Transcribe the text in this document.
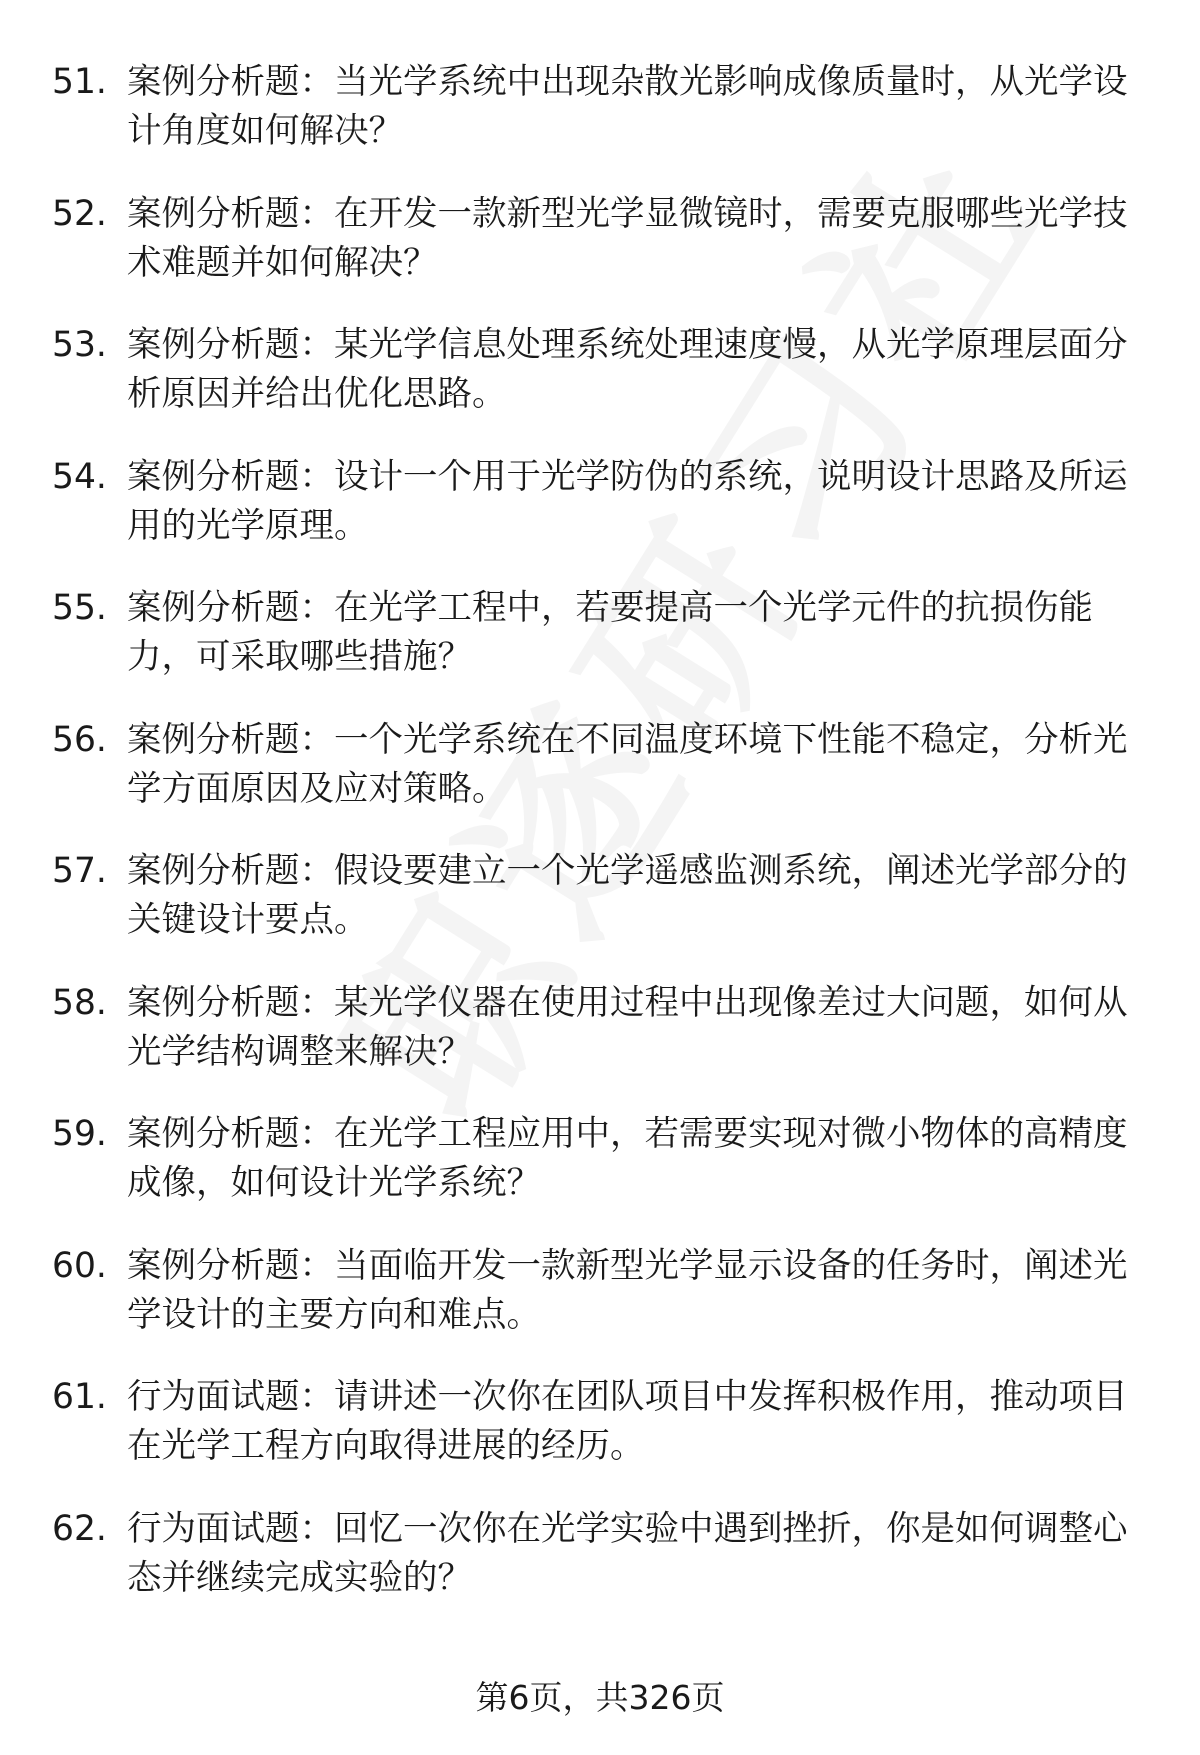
51. 案例分析题：当光学系统中出现杂散光影响成像质量时，从光学设计角度如何解决？
52. 案例分析题：在开发一款新型光学显微镜时，需要克服哪些光学技术难题并如何解决？
53. 案例分析题：某光学信息处理系统处理速度慢，从光学原理层面分析原因并给出优化思路。
54. 案例分析题：设计一个用于光学防伪的系统，说明设计思路及所运用的光学原理。
55. 案例分析题：在光学工程中，若要提高一个光学元件的抗损伤能力，可采取哪些措施？
56. 案例分析题：一个光学系统在不同温度环境下性能不稳定，分析光学方面原因及应对策略。
57. 案例分析题：假设要建立一个光学遥感监测系统，阐述光学部分的关键设计要点。
58. 案例分析题：某光学仪器在使用过程中出现像差过大问题，如何从光学结构调整来解决？
59. 案例分析题：在光学工程应用中，若需要实现对微小物体的高精度成像，如何设计光学系统？
60. 案例分析题：当面临开发一款新型光学显示设备的任务时，阐述光学设计的主要方向和难点。
61. 行为面试题：请讲述一次你在团队项目中发挥积极作用，推动项目在光学工程方向取得进展的经历。
62. 行为面试题：回忆一次你在光学实验中遇到挫折，你是如何调整心态并继续完成实验的？
第6页，共326页
